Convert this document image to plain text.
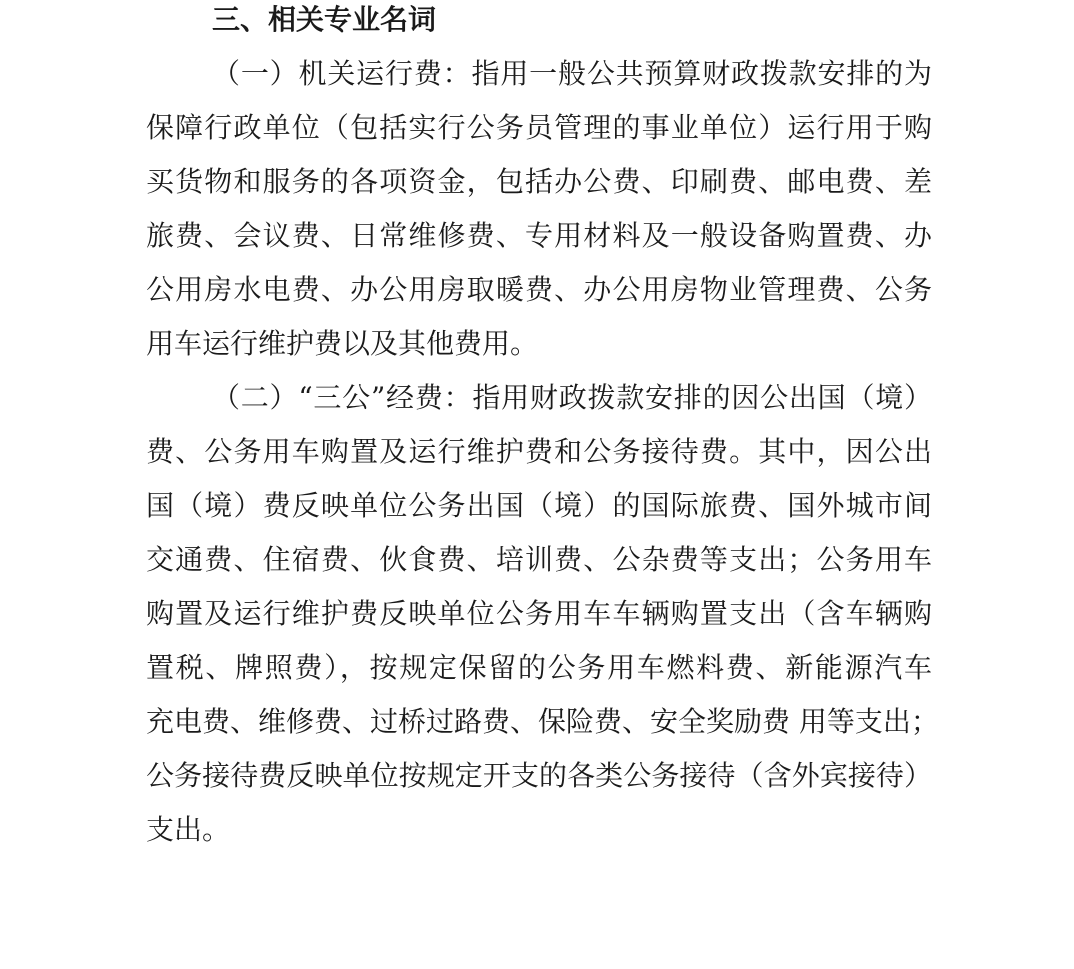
三、相关专业名词
（一）机关运行费：指用一般公共预算财政拨款安排的为
保障行政单位（包括实行公务员管理的事业单位）运行用于购
买货物和服务的各项资金，包括办公费、印刷费、邮电费、差
旅费、会议费、日常维修费、专用材料及一般设备购置费、办
公用房水电费、办公用房取暖费、办公用房物业管理费、公务
用车运行维护费以及其他费用。
（二）“三公”经费：指用财政拨款安排的因公出国（境）
费、公务用车购置及运行维护费和公务接待费。其中，因公出
国（境）费反映单位公务出国（境）的国际旅费、国外城市间
交通费、住宿费、伙食费、培训费、公杂费等支出；公务用车
购置及运行维护费反映单位公务用车车辆购置支出（含车辆购
置税、牌照费），按规定保留的公务用车燃料费、新能源汽车
充电费、维修费、过桥过路费、保险费、安全奖励费 用等支出；
公务接待费反映单位按规定开支的各类公务接待（含外宾接待）
支出。
